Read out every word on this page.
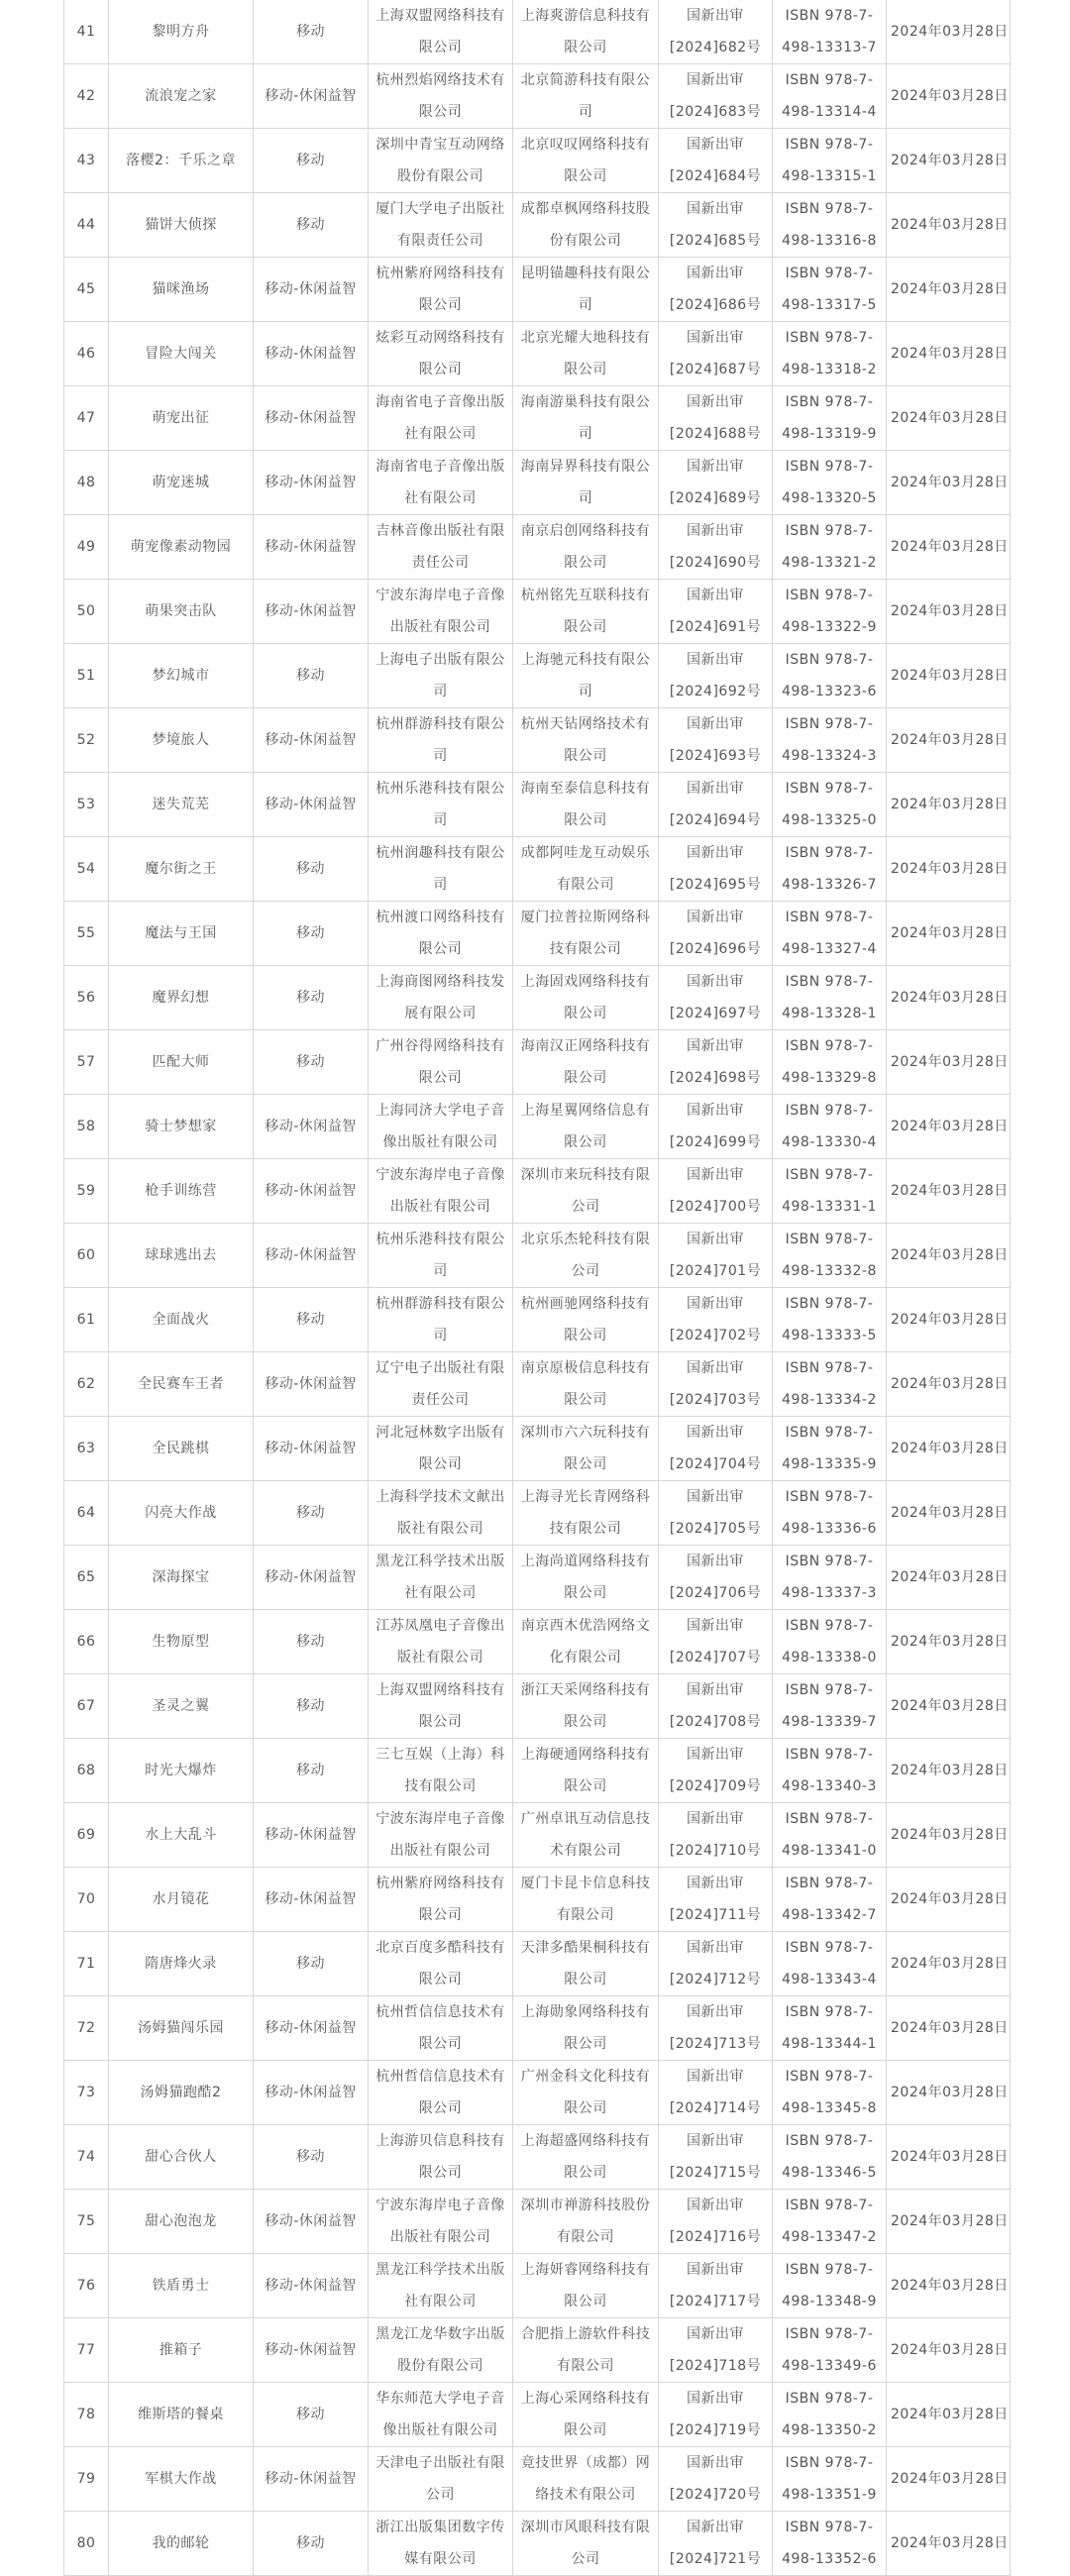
41	黎明方舟	移动	上海双盟网络科技有
限公司	上海爽游信息科技有
限公司	国新出审
[2024]682号	ISBN 978-7-
498-13313-7	2024年03月28日

42	流浪宠之家	移动-休闲益智	杭州烈焰网络技术有
限公司	北京简游科技有限公
司	国新出审
[2024]683号	ISBN 978-7-
498-13314-4	2024年03月28日

43	落樱2：千乐之章	移动	深圳中青宝互动网络
股份有限公司	北京叹叹网络科技有
限公司	国新出审
[2024]684号	ISBN 978-7-
498-13315-1	2024年03月28日

44	猫饼大侦探	移动	厦门大学电子出版社
有限责任公司	成都卓枫网络科技股
份有限公司	国新出审
[2024]685号	ISBN 978-7-
498-13316-8	2024年03月28日

45	猫咪渔场	移动-休闲益智	杭州紫府网络科技有
限公司	昆明锚趣科技有限公
司	国新出审
[2024]686号	ISBN 978-7-
498-13317-5	2024年03月28日

46	冒险大闯关	移动-休闲益智	炫彩互动网络科技有
限公司	北京光耀大地科技有
限公司	国新出审
[2024]687号	ISBN 978-7-
498-13318-2	2024年03月28日

47	萌宠出征	移动-休闲益智	海南省电子音像出版
社有限公司	海南游巢科技有限公
司	国新出审
[2024]688号	ISBN 978-7-
498-13319-9	2024年03月28日

48	萌宠迷城	移动-休闲益智	海南省电子音像出版
社有限公司	海南异界科技有限公
司	国新出审
[2024]689号	ISBN 978-7-
498-13320-5	2024年03月28日

49	萌宠像素动物园	移动-休闲益智	吉林音像出版社有限
责任公司	南京启创网络科技有
限公司	国新出审
[2024]690号	ISBN 978-7-
498-13321-2	2024年03月28日

50	萌果突击队	移动-休闲益智	宁波东海岸电子音像
出版社有限公司	杭州铭先互联科技有
限公司	国新出审
[2024]691号	ISBN 978-7-
498-13322-9	2024年03月28日

51	梦幻城市	移动	上海电子出版有限公
司	上海驰元科技有限公
司	国新出审
[2024]692号	ISBN 978-7-
498-13323-6	2024年03月28日

52	梦境旅人	移动-休闲益智	杭州群游科技有限公
司	杭州天钻网络技术有
限公司	国新出审
[2024]693号	ISBN 978-7-
498-13324-3	2024年03月28日

53	迷失荒芜	移动-休闲益智	杭州乐港科技有限公
司	海南至泰信息科技有
限公司	国新出审
[2024]694号	ISBN 978-7-
498-13325-0	2024年03月28日

54	魔尔街之王	移动	杭州润趣科技有限公
司	成都阿哇龙互动娱乐
有限公司	国新出审
[2024]695号	ISBN 978-7-
498-13326-7	2024年03月28日

55	魔法与王国	移动	杭州渡口网络科技有
限公司	厦门拉普拉斯网络科
技有限公司	国新出审
[2024]696号	ISBN 978-7-
498-13327-4	2024年03月28日

56	魔界幻想	移动	上海商图网络科技发
展有限公司	上海固戏网络科技有
限公司	国新出审
[2024]697号	ISBN 978-7-
498-13328-1	2024年03月28日

57	匹配大师	移动	广州谷得网络科技有
限公司	海南汉正网络科技有
限公司	国新出审
[2024]698号	ISBN 978-7-
498-13329-8	2024年03月28日

58	骑士梦想家	移动-休闲益智	上海同济大学电子音
像出版社有限公司	上海星翼网络信息有
限公司	国新出审
[2024]699号	ISBN 978-7-
498-13330-4	2024年03月28日

59	枪手训练营	移动-休闲益智	宁波东海岸电子音像
出版社有限公司	深圳市来玩科技有限
公司	国新出审
[2024]700号	ISBN 978-7-
498-13331-1	2024年03月28日

60	球球逃出去	移动-休闲益智	杭州乐港科技有限公
司	北京乐杰轮科技有限
公司	国新出审
[2024]701号	ISBN 978-7-
498-13332-8	2024年03月28日

61	全面战火	移动	杭州群游科技有限公
司	杭州画驰网络科技有
限公司	国新出审
[2024]702号	ISBN 978-7-
498-13333-5	2024年03月28日

62	全民赛车王者	移动-休闲益智	辽宁电子出版社有限
责任公司	南京原极信息科技有
限公司	国新出审
[2024]703号	ISBN 978-7-
498-13334-2	2024年03月28日

63	全民跳棋	移动-休闲益智	河北冠林数字出版有
限公司	深圳市六六玩科技有
限公司	国新出审
[2024]704号	ISBN 978-7-
498-13335-9	2024年03月28日

64	闪亮大作战	移动	上海科学技术文献出
版社有限公司	上海寻光长青网络科
技有限公司	国新出审
[2024]705号	ISBN 978-7-
498-13336-6	2024年03月28日

65	深海探宝	移动-休闲益智	黑龙江科学技术出版
社有限公司	上海尚道网络科技有
限公司	国新出审
[2024]706号	ISBN 978-7-
498-13337-3	2024年03月28日

66	生物原型	移动	江苏凤凰电子音像出
版社有限公司	南京西木优浩网络文
化有限公司	国新出审
[2024]707号	ISBN 978-7-
498-13338-0	2024年03月28日

67	圣灵之翼	移动	上海双盟网络科技有
限公司	浙江天采网络科技有
限公司	国新出审
[2024]708号	ISBN 978-7-
498-13339-7	2024年03月28日

68	时光大爆炸	移动	三七互娱（上海）科
技有限公司	上海硬通网络科技有
限公司	国新出审
[2024]709号	ISBN 978-7-
498-13340-3	2024年03月28日

69	水上大乱斗	移动-休闲益智	宁波东海岸电子音像
出版社有限公司	广州卓讯互动信息技
术有限公司	国新出审
[2024]710号	ISBN 978-7-
498-13341-0	2024年03月28日

70	水月镜花	移动-休闲益智	杭州紫府网络科技有
限公司	厦门卡昆卡信息科技
有限公司	国新出审
[2024]711号	ISBN 978-7-
498-13342-7	2024年03月28日

71	隋唐烽火录	移动	北京百度多酷科技有
限公司	天津多酷果桐科技有
限公司	国新出审
[2024]712号	ISBN 978-7-
498-13343-4	2024年03月28日

72	汤姆猫闯乐园	移动-休闲益智	杭州哲信信息技术有
限公司	上海勋象网络科技有
限公司	国新出审
[2024]713号	ISBN 978-7-
498-13344-1	2024年03月28日

73	汤姆猫跑酷2	移动-休闲益智	杭州哲信信息技术有
限公司	广州金科文化科技有
限公司	国新出审
[2024]714号	ISBN 978-7-
498-13345-8	2024年03月28日

74	甜心合伙人	移动	上海游贝信息科技有
限公司	上海超盛网络科技有
限公司	国新出审
[2024]715号	ISBN 978-7-
498-13346-5	2024年03月28日

75	甜心泡泡龙	移动-休闲益智	宁波东海岸电子音像
出版社有限公司	深圳市禅游科技股份
有限公司	国新出审
[2024]716号	ISBN 978-7-
498-13347-2	2024年03月28日

76	铁盾勇士	移动-休闲益智	黑龙江科学技术出版
社有限公司	上海妍睿网络科技有
限公司	国新出审
[2024]717号	ISBN 978-7-
498-13348-9	2024年03月28日

77	推箱子	移动-休闲益智	黑龙江龙华数字出版
股份有限公司	合肥指上游软件科技
有限公司	国新出审
[2024]718号	ISBN 978-7-
498-13349-6	2024年03月28日

78	维斯塔的餐桌	移动	华东师范大学电子音
像出版社有限公司	上海心采网络科技有
限公司	国新出审
[2024]719号	ISBN 978-7-
498-13350-2	2024年03月28日

79	军棋大作战	移动-休闲益智	天津电子出版社有限
公司	竟技世界（成都）网
络技术有限公司	国新出审
[2024]720号	ISBN 978-7-
498-13351-9	2024年03月28日

80	我的邮轮	移动	浙江出版集团数字传
媒有限公司	深圳市风眼科技有限
公司	国新出审
[2024]721号	ISBN 978-7-
498-13352-6	2024年03月28日
